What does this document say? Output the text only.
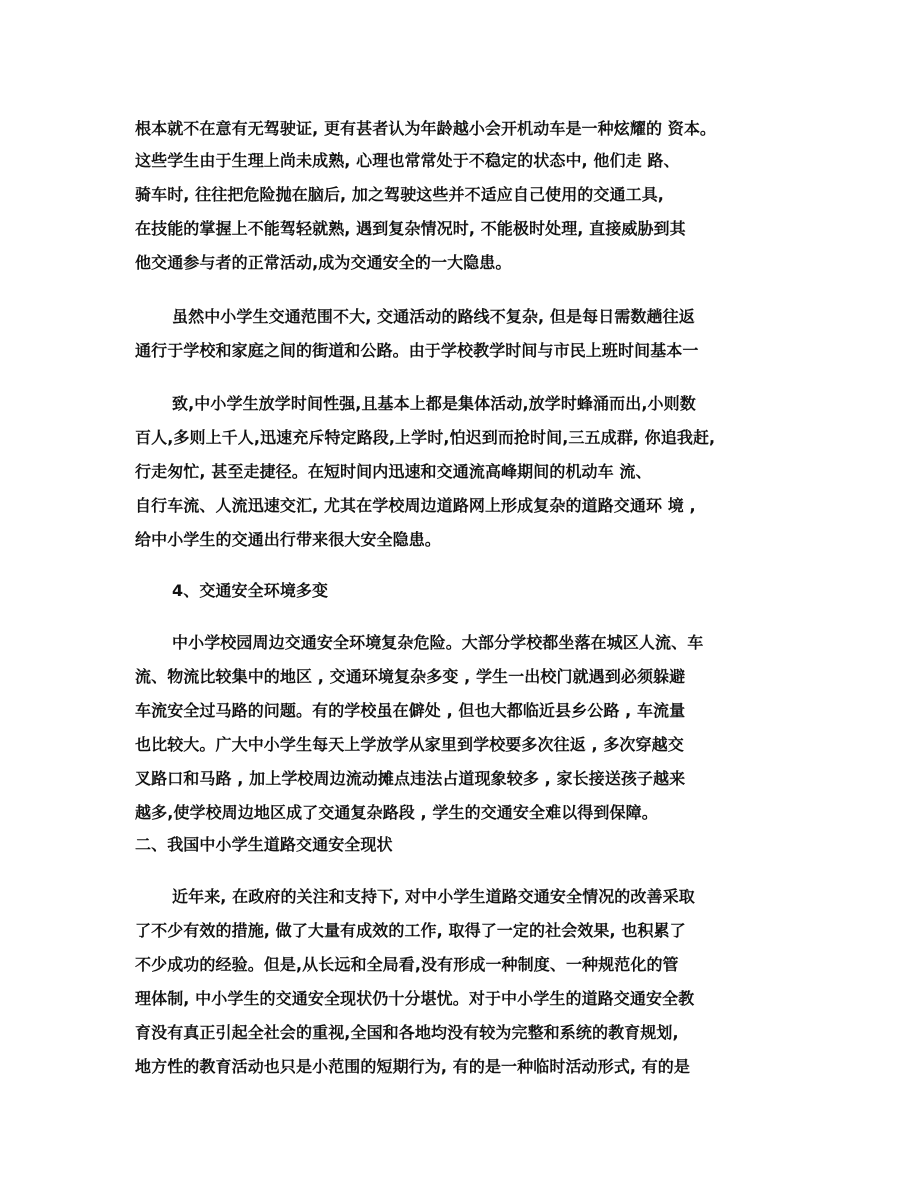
根本就不在意有无驾驶证, 更有甚者认为年龄越小会开机动车是一种炫耀的 资本。
这些学生由于生理上尚未成熟, 心理也常常处于不稳定的状态中, 他们走 路、
骑车时, 往往把危险抛在脑后, 加之驾驶这些并不适应自己使用的交通工具,
在技能的掌握上不能驾轻就熟, 遇到复杂情况时, 不能极时处理, 直接威胁到其
他交通参与者的正常活动,成为交通安全的一大隐患。
虽然中小学生交通范围不大, 交通活动的路线不复杂, 但是每日需数趟往返
通行于学校和家庭之间的街道和公路。由于学校教学时间与市民上班时间基本一
致,中小学生放学时间性强,且基本上都是集体活动,放学时蜂涌而出,小则数
百人,多则上千人,迅速充斥特定路段,上学时,怕迟到而抢时间,三五成群, 你追我赶,
行走匆忙, 甚至走捷径。在短时间内迅速和交通流高峰期间的机动车 流、
自行车流、人流迅速交汇, 尤其在学校周边道路网上形成复杂的道路交通环 境 ,
给中小学生的交通出行带来很大安全隐患。
4、交通安全环境多变
中小学校园周边交通安全环境复杂危险。大部分学校都坐落在城区人流、车
流、物流比较集中的地区 , 交通环境复杂多变 , 学生一出校门就遇到必须躲避
车流安全过马路的问题。有的学校虽在僻处 , 但也大都临近县乡公路 , 车流量
也比较大。广大中小学生每天上学放学从家里到学校要多次往返 , 多次穿越交
叉路口和马路 , 加上学校周边流动摊点违法占道现象较多 , 家长接送孩子越来
越多,使学校周边地区成了交通复杂路段 , 学生的交通安全难以得到保障。
二、我国中小学生道路交通安全现状
近年来, 在政府的关注和支持下, 对中小学生道路交通安全情况的改善采取
了不少有效的措施, 做了大量有成效的工作, 取得了一定的社会效果, 也积累了
不少成功的经验。但是,从长远和全局看,没有形成一种制度、一种规范化的管
理体制, 中小学生的交通安全现状仍十分堪忧。对于中小学生的道路交通安全教
育没有真正引起全社会的重视,全国和各地均没有较为完整和系统的教育规划,
地方性的教育活动也只是小范围的短期行为, 有的是一种临时活动形式, 有的是
